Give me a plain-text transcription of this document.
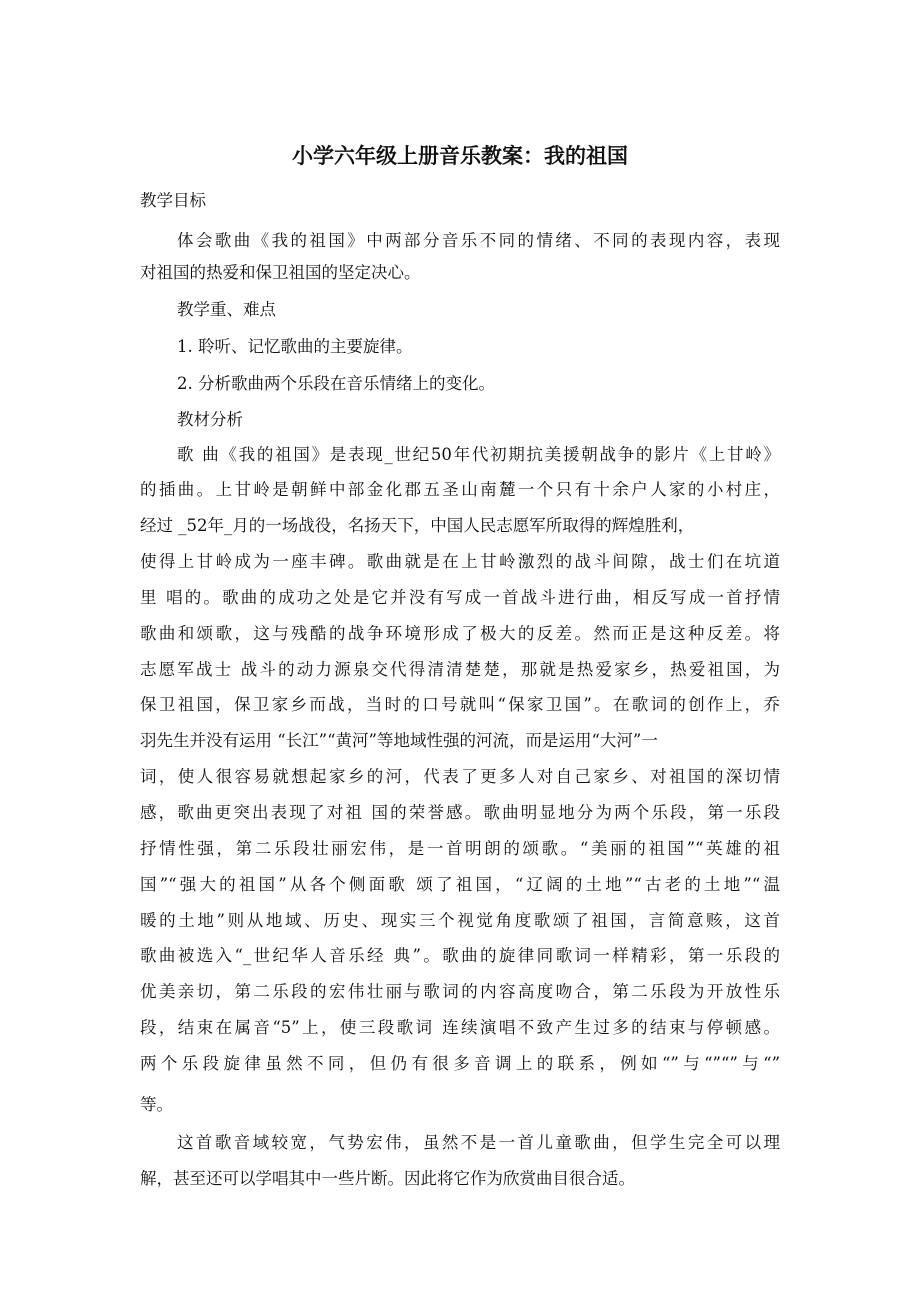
小学六年级上册音乐教案：我的祖国
教学目标
体会歌曲《我的祖国》中两部分音乐不同的情绪、不同的表现内容，表现
对祖国的热爱和保卫祖国的坚定决心。
教学重、难点
1. 聆听、记忆歌曲的主要旋律。
2. 分析歌曲两个乐段在音乐情绪上的变化。
教材分析
歌 曲《我的祖国》是表现_世纪50年代初期抗美援朝战争的影片《上甘岭》
的插曲。上甘岭是朝鲜中部金化郡五圣山南麓一个只有十余户人家的小村庄，
经过 _52年_月的一场战役，名扬天下，中国人民志愿军所取得的辉煌胜利，
使得上甘岭成为一座丰碑。歌曲就是在上甘岭激烈的战斗间隙，战士们在坑道
里 唱的。歌曲的成功之处是它并没有写成一首战斗进行曲，相反写成一首抒情
歌曲和颂歌，这与残酷的战争环境形成了极大的反差。然而正是这种反差。将
志愿军战士 战斗的动力源泉交代得清清楚楚，那就是热爱家乡，热爱祖国，为
保卫祖国，保卫家乡而战，当时的口号就叫“保家卫国”。在歌词的创作上，乔
羽先生并没有运用 “长江”“黄河”等地域性强的河流，而是运用“大河”一
词，使人很容易就想起家乡的河，代表了更多人对自己家乡、对祖国的深切情
感，歌曲更突出表现了对祖 国的荣誉感。歌曲明显地分为两个乐段，第一乐段
抒情性强，第二乐段壮丽宏伟，是一首明朗的颂歌。“美丽的祖国”“英雄的祖
国”“强大的祖国”从各个侧面歌 颂了祖国，“辽阔的土地”“古老的土地”“温
暖的土地”则从地域、历史、现实三个视觉角度歌颂了祖国，言简意赅，这首
歌曲被选入“_世纪华人音乐经 典”。歌曲的旋律同歌词一样精彩，第一乐段的
优美亲切，第二乐段的宏伟壮丽与歌词的内容高度吻合，第二乐段为开放性乐
段，结束在属音“5”上，使三段歌词 连续演唱不致产生过多的结束与停顿感。
两个乐段旋律虽然不同，但仍有很多音调上的联系，例如“”与“”“”与“”
等。
这首歌音域较宽，气势宏伟，虽然不是一首儿童歌曲，但学生完全可以理
解，甚至还可以学唱其中一些片断。因此将它作为欣赏曲目很合适。
